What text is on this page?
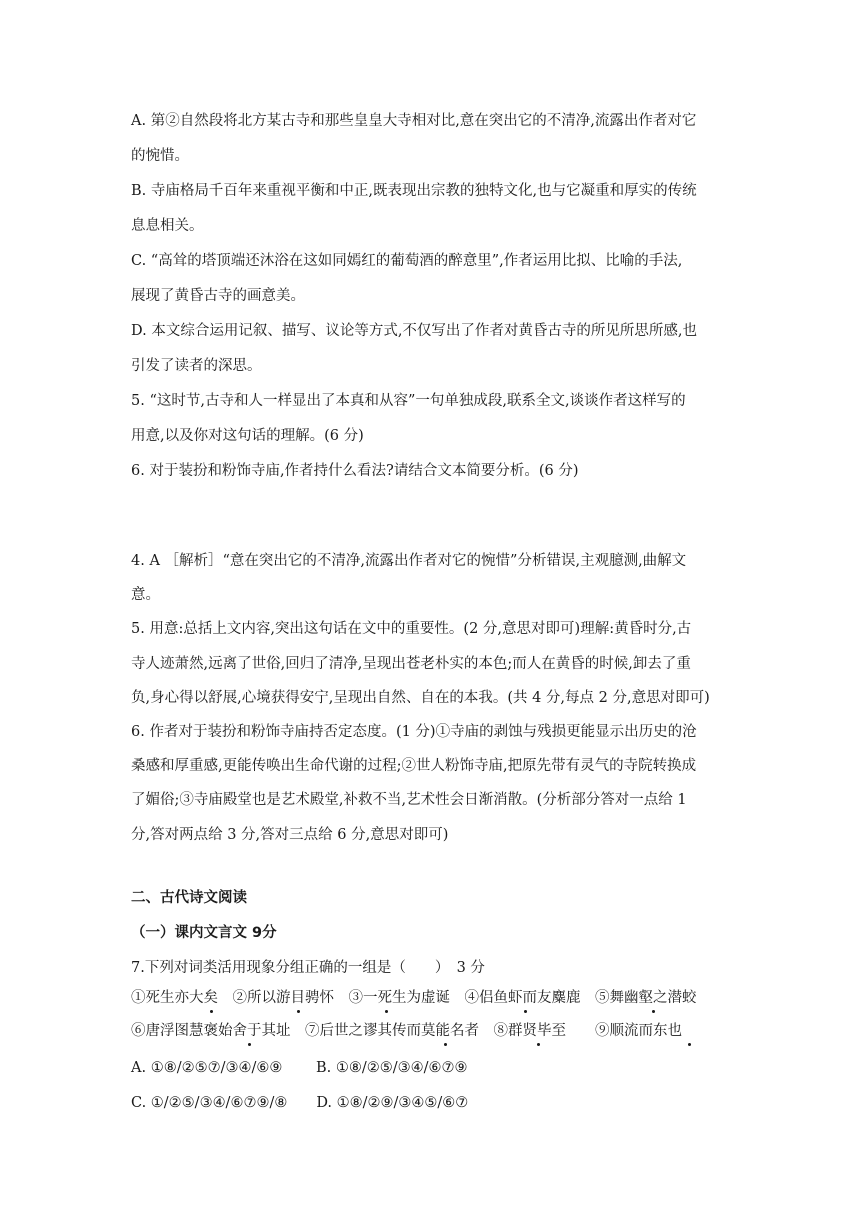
A. 第②自然段将北方某古寺和那些皇皇大寺相对比,意在突出它的不清净,流露出作者对它
的惋惜。
B. 寺庙格局千百年来重视平衡和中正,既表现出宗教的独特文化,也与它凝重和厚实的传统
息息相关。
C. “高耸的塔顶端还沐浴在这如同嫣红的葡萄酒的醉意里”,作者运用比拟、比喻的手法,
展现了黄昏古寺的画意美。
D. 本文综合运用记叙、描写、议论等方式,不仅写出了作者对黄昏古寺的所见所思所感,也
引发了读者的深思。
5. “这时节,古寺和人一样显出了本真和从容”一句单独成段,联系全文,谈谈作者这样写的
用意,以及你对这句话的理解。(6 分)
6. 对于装扮和粉饰寺庙,作者持什么看法?请结合文本简要分析。(6 分)
4. A ［解析］“意在突出它的不清净,流露出作者对它的惋惜”分析错误,主观臆测,曲解文
意。
5. 用意:总括上文内容,突出这句话在文中的重要性。(2 分,意思对即可)理解:黄昏时分,古
寺人迹萧然,远离了世俗,回归了清净,呈现出苍老朴实的本色;而人在黄昏的时候,卸去了重
负,身心得以舒展,心境获得安宁,呈现出自然、自在的本我。(共 4 分,每点 2 分,意思对即可)
6. 作者对于装扮和粉饰寺庙持否定态度。(1 分)①寺庙的剥蚀与残损更能显示出历史的沧
桑感和厚重感,更能传唤出生命代谢的过程;②世人粉饰寺庙,把原先带有灵气的寺院转换成
了媚俗;③寺庙殿堂也是艺术殿堂,补救不当,艺术性会日渐消散。(分析部分答对一点给 1
分,答对两点给 3 分,答对三点给 6 分,意思对即可)
二、古代诗文阅读
（一）课内文言文 9分
7.下列对词类活用现象分组正确的一组是（　　）　3 分
①死生亦大矣　②所以游目骋怀　③一死生为虚诞　④侣鱼虾而友麋鹿　⑤舞幽壑之潜蛟
⑥唐浮图慧褒始舍于其址　⑦后世之谬其传而莫能名者　⑧群贤毕至　　⑨顺流而东也
A. ①⑧/②⑤⑦/③④/⑥⑨　　 B. ①⑧/②⑤/③④/⑥⑦⑨
C. ①/②⑤/③④/⑥⑦⑨/⑧　　D. ①⑧/②⑨/③④⑤/⑥⑦
